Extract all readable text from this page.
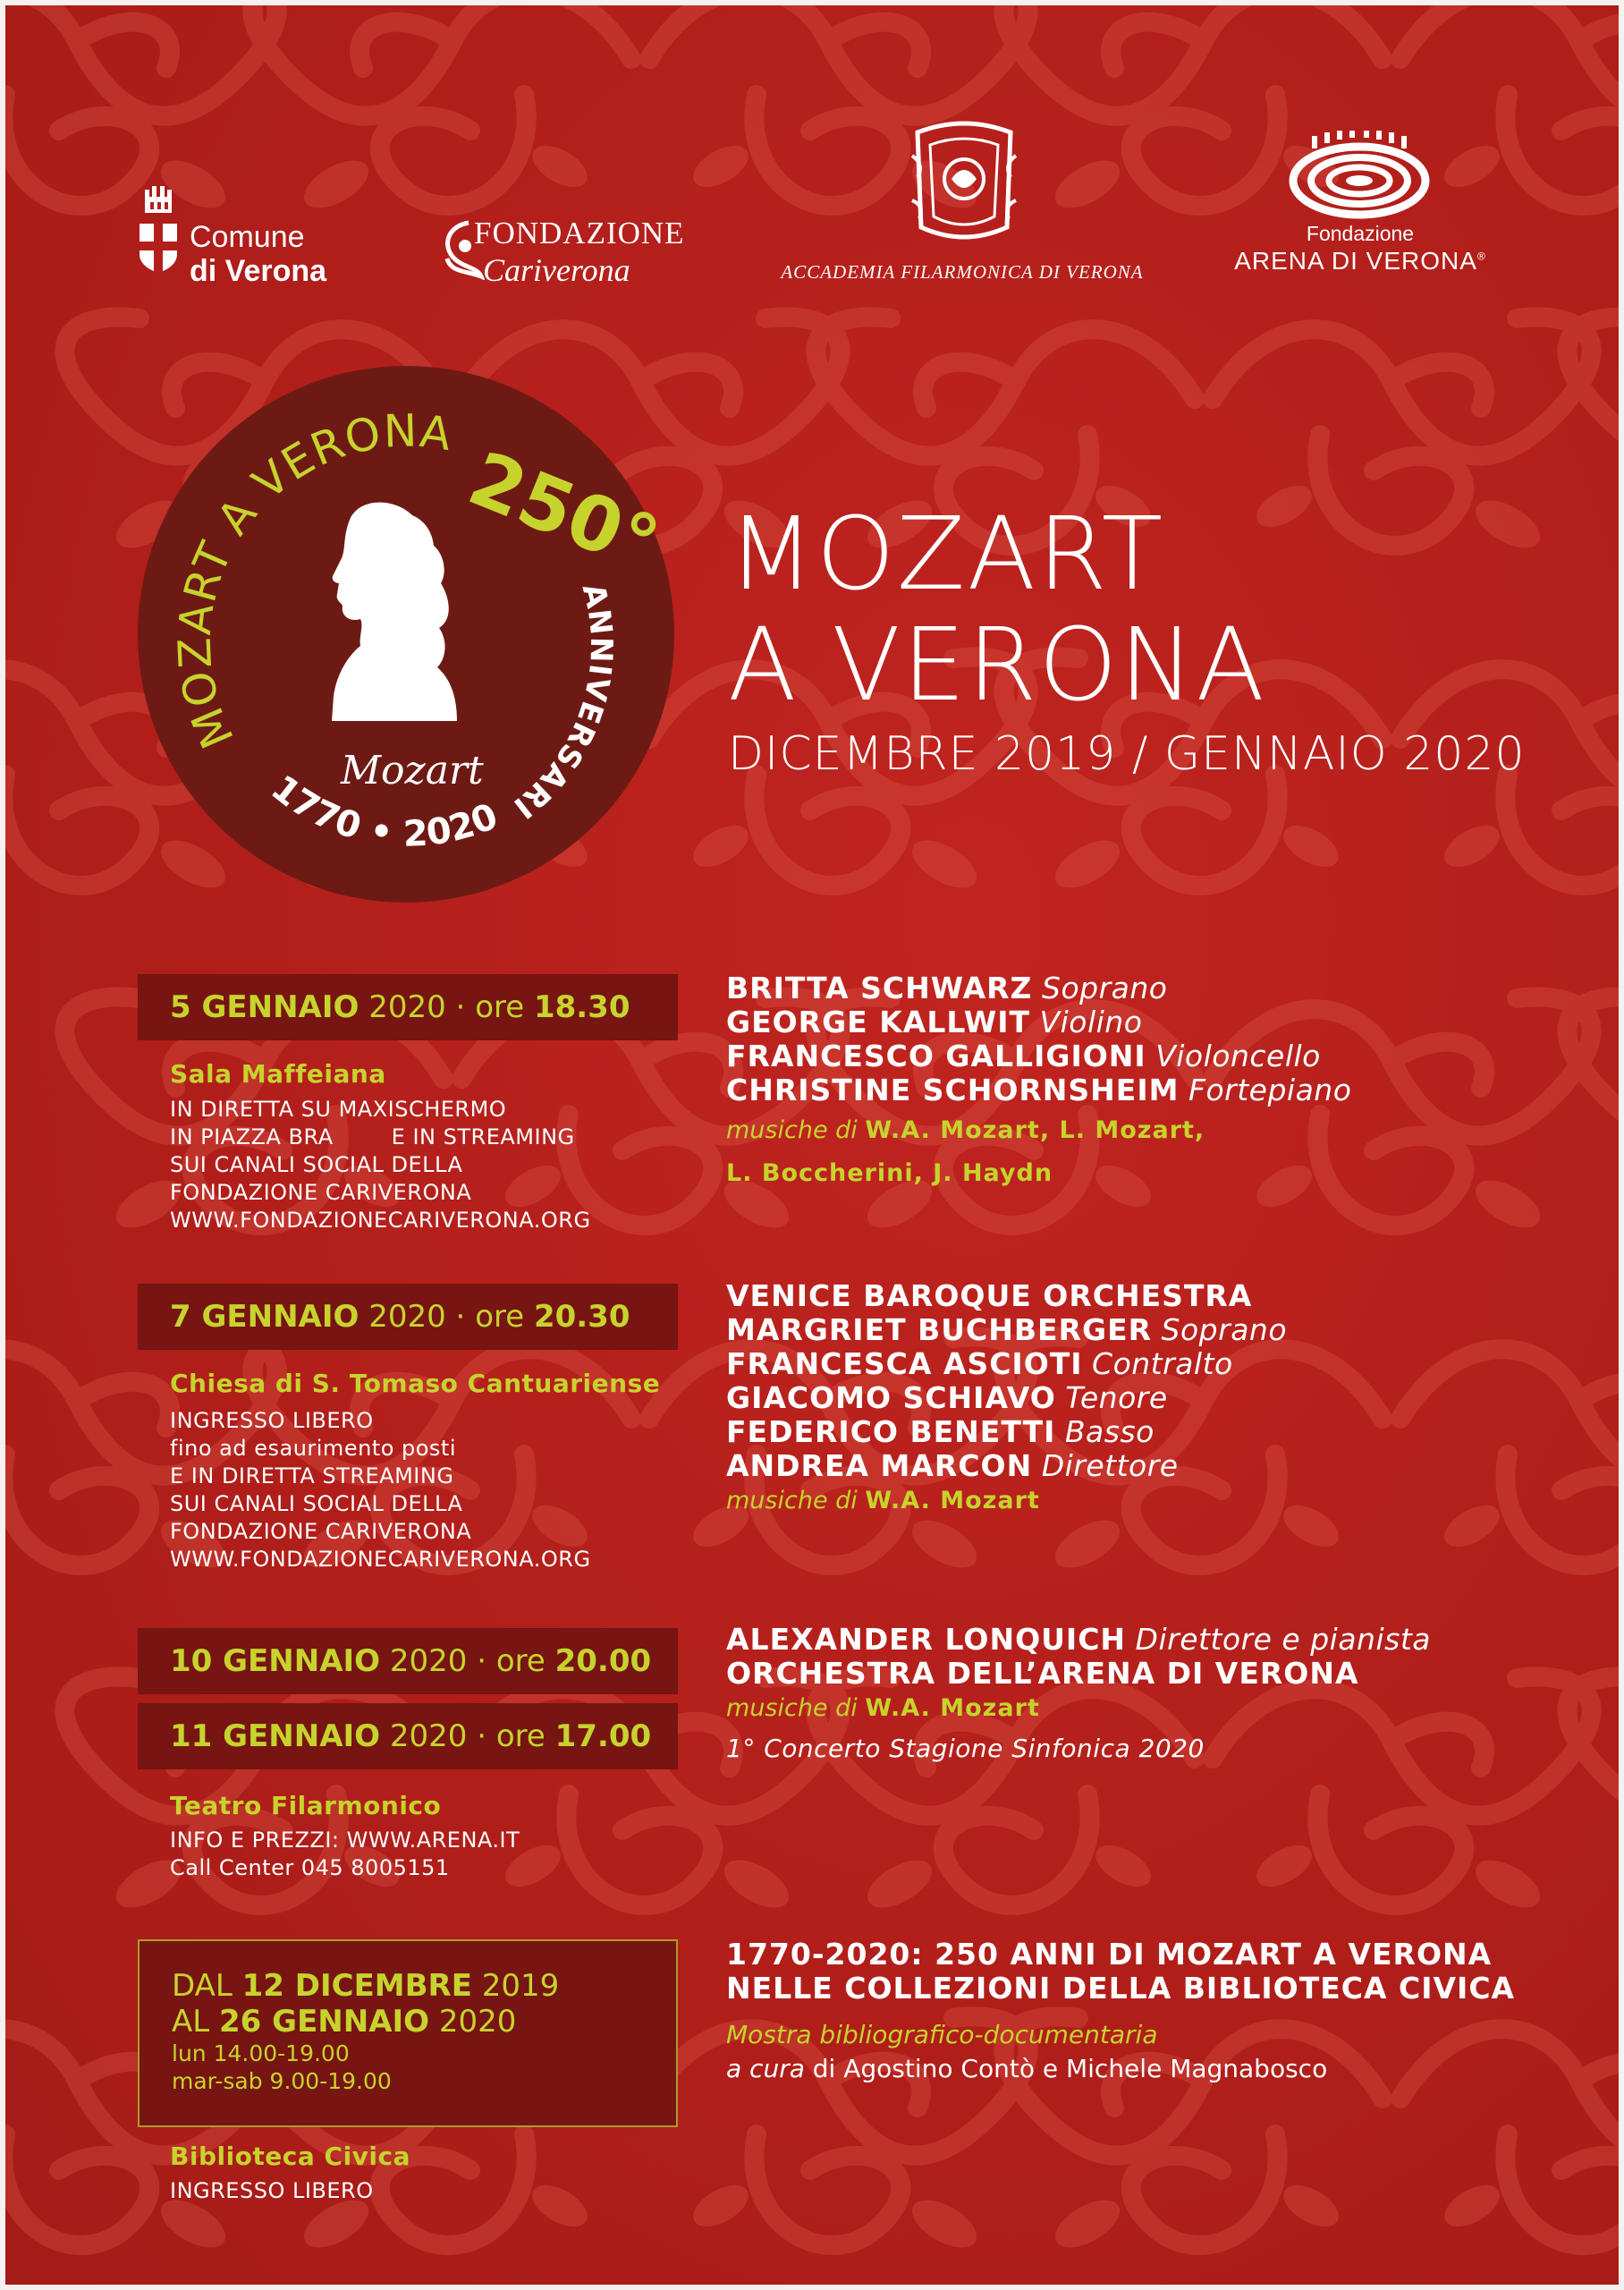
Comune
di Verona
FONDAZIONE
Cariverona	ACCADEMIA FILARMONICA DI VERONA
Fondazione
ARENA DI VERONA®
MOZART A VERONA
250°
ANNIVERSARI
1770 • 2020
Mozart
MOZART
A VERONA
DICEMBRE 2019 / GENNAIO 2020
5 GENNAIO
2020 · ore
18.30
Sala Maffeiana
IN DIRETTA SU MAXISCHERMO
IN PIAZZA BRA        E IN STREAMING
SUI CANALI SOCIAL DELLA
FONDAZIONE CARIVERONA
WWW.FONDAZIONECARIVERONA.ORG
BRITTA SCHWARZ Soprano
GEORGE KALLWIT Violino
FRANCESCO GALLIGIONI Violoncello
CHRISTINE SCHORNSHEIM Fortepiano
musiche di W.A. Mozart, L. Mozart,
L. Boccherini, J. Haydn
7 GENNAIO
2020 · ore
20.30
Chiesa di S. Tomaso Cantuariense
INGRESSO LIBERO
fino ad esaurimento posti
E IN DIRETTA STREAMING
SUI CANALI SOCIAL DELLA
FONDAZIONE CARIVERONA
WWW.FONDAZIONECARIVERONA.ORG
VENICE BAROQUE ORCHESTRA
MARGRIET BUCHBERGER Soprano
FRANCESCA ASCIOTI Contralto
GIACOMO SCHIAVO Tenore
FEDERICO BENETTI Basso
ANDREA MARCON Direttore
musiche di W.A. Mozart
10 GENNAIO
2020 · ore
20.00
11 GENNAIO
2020 · ore
17.00
Teatro Filarmonico
INFO E PREZZI: WWW.ARENA.IT
Call Center 045 8005151
ALEXANDER LONQUICH Direttore e pianista
ORCHESTRA DELL’ARENA DI VERONA
musiche di W.A. Mozart
1° Concerto Stagione Sinfonica 2020
DAL 12 DICEMBRE 2019
AL 26 GENNAIO 2020
lun 14.00-19.00
mar-sab 9.00-19.00
Biblioteca Civica
INGRESSO LIBERO
1770-2020: 250 ANNI DI MOZART A VERONA
NELLE COLLEZIONI DELLA BIBLIOTECA CIVICA
Mostra bibliografico-documentaria
a cura di Agostino Contò e Michele Magnabosco
